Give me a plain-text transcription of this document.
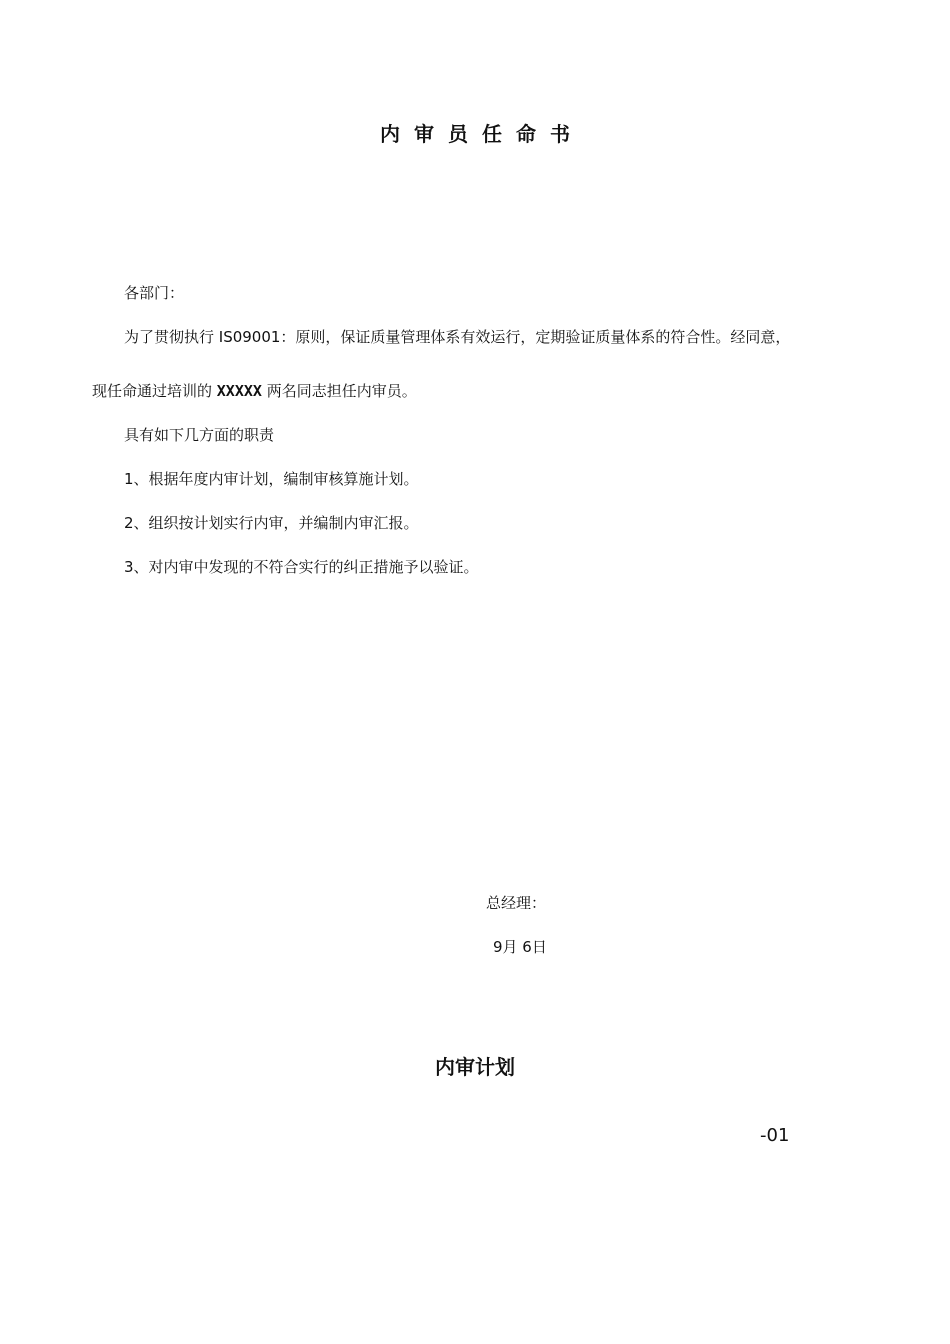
内审员任命书
各部门：
为了贯彻执行 IS09001：原则，保证质量管理体系有效运行，定期验证质量体系的符合性。经同意，
现任命通过培训的 XXXXX 两名同志担任内审员。
具有如下几方面的职责
1、根据年度内审计划，编制审核算施计划。
2、组织按计划实行内审，并编制内审汇报。
3、对内审中发现的不符合实行的纠正措施予以验证。
总经理：
9月 6日
内审计划
-01
